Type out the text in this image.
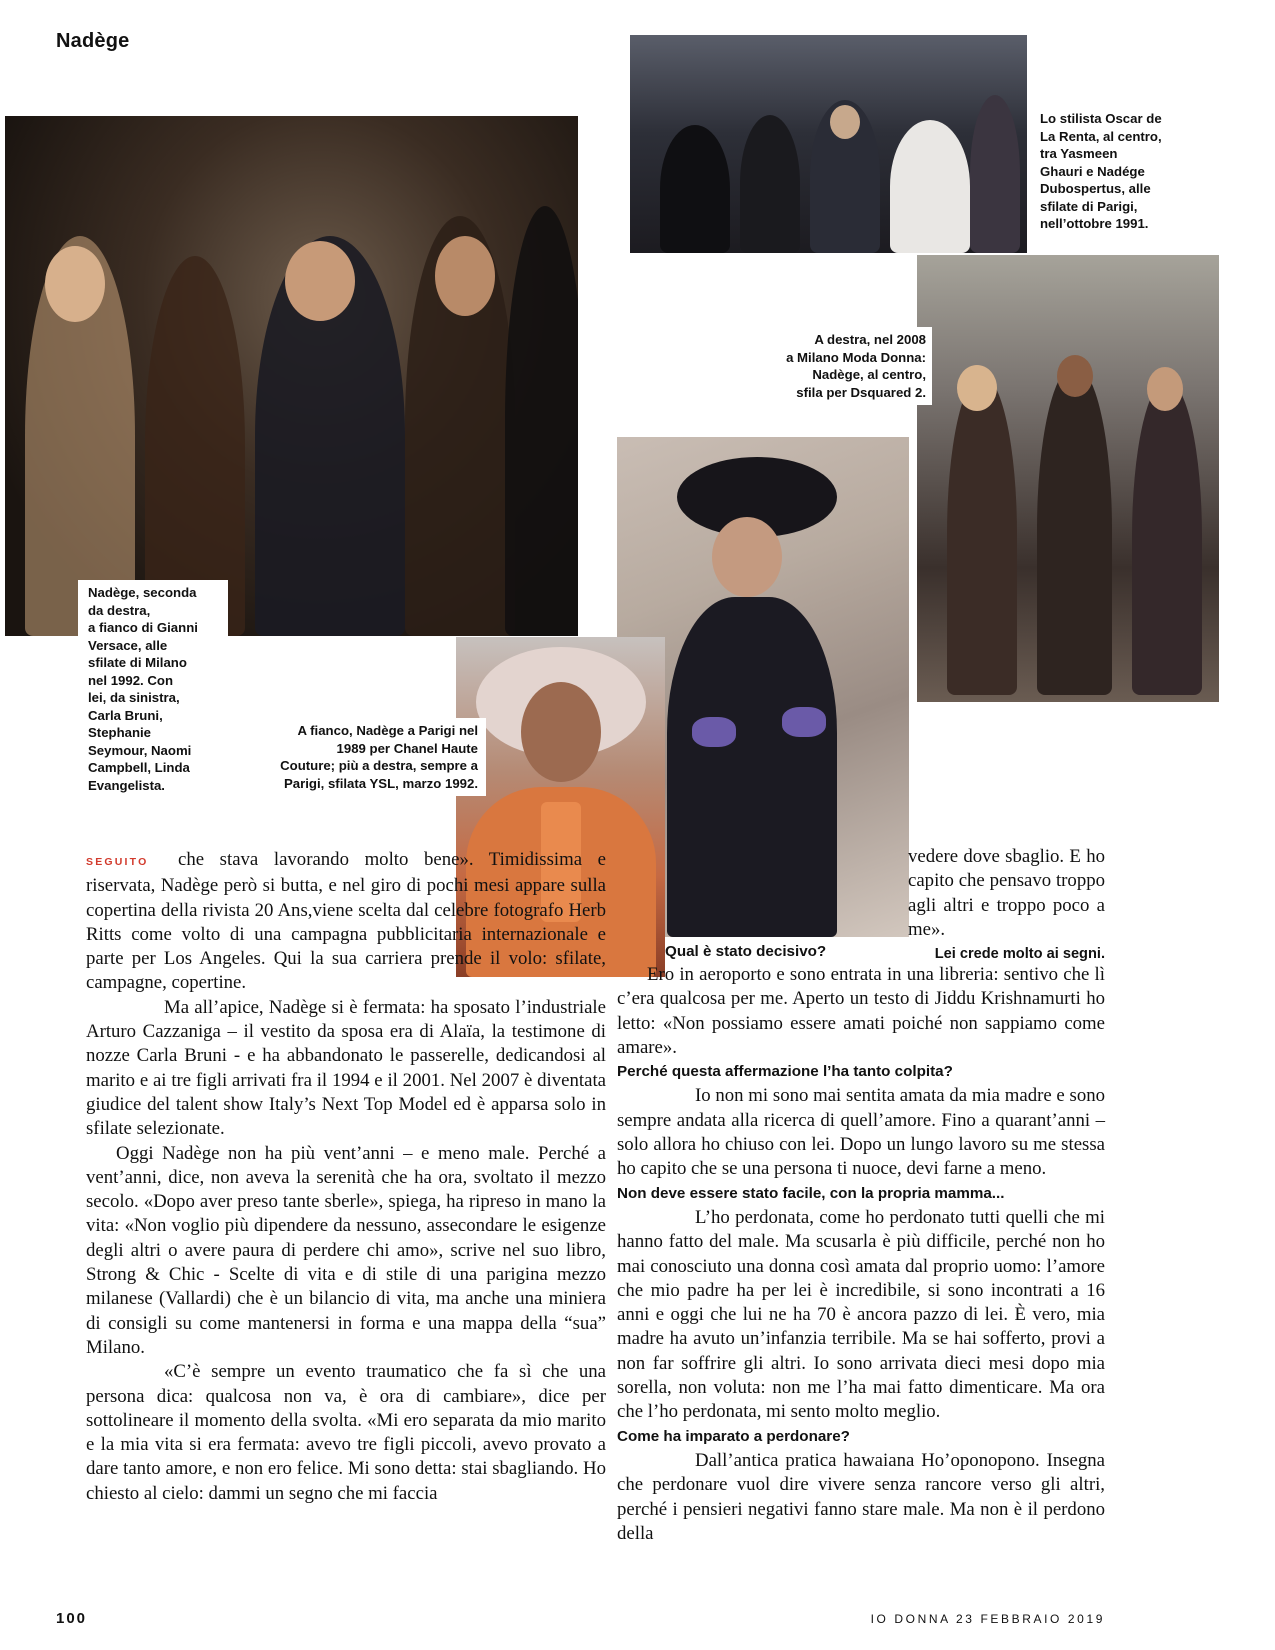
Nadège
Nadège, seconda
da destra,
a fianco di Gianni
Versace, alle
sfilate di Milano
nel 1992. Con
lei, da sinistra,
Carla Bruni,
Stephanie
Seymour, Naomi
Campbell, Linda
Evangelista.
A fianco, Nadège a Parigi nel
1989 per Chanel Haute
Couture; più a destra, sempre a
Parigi, sfilata YSL, marzo 1992.
Lo stilista Oscar de
La Renta, al centro,
tra Yasmeen
Ghauri e Nadége
Dubospertus, alle
sfilate di Parigi,
nell’ottobre 1991.
A destra, nel 2008
a Milano Moda Donna:
Nadège, al centro,
sfila per Dsquared 2.

SEGUITO che stava lavorando molto bene». Timidissima e riservata, Nadège però si butta, e nel giro di pochi mesi appare sulla copertina della rivista 20 Ans,viene scelta dal celebre fotografo Herb Ritts come volto di una campagna pubblicitaria internazionale e parte per Los Angeles. Qui la sua carriera prende il volo: sfilate, campagne, copertine.

Ma all’apice, Nadège si è fermata: ha sposato l’industriale Arturo Cazzaniga – il vestito da sposa era di Alaïa, la testimone di nozze Carla Bruni - e ha abbandonato le passerelle, dedicandosi al marito e ai tre figli arrivati fra il 1994 e il 2001. Nel 2007 è diventata giudice del talent show Italy’s Next Top Model ed è apparsa solo in sfilate selezionate.

Oggi Nadège non ha più vent’anni – e meno male. Perché a vent’anni, dice, non aveva la serenità che ha ora, svoltato il mezzo secolo. «Dopo aver preso tante sberle», spiega, ha ripreso in mano la vita: «Non voglio più dipendere da nessuno, assecondare le esigenze degli altri o avere paura di perdere chi amo», scrive nel suo libro, Strong & Chic - Scelte di vita e di stile di una parigina mezzo milanese (Vallardi) che è un bilancio di vita, ma anche una miniera di consigli su come mantenersi in forma e una mappa della “sua” Milano.

«C’è sempre un evento traumatico che fa sì che una persona dica: qualcosa non va, è ora di cambiare», dice per sottolineare il momento della svolta. «Mi ero separata da mio marito e la mia vita si era fermata: avevo tre figli piccoli, avevo provato a dare tanto amore, e non ero felice. Mi sono detta: stai sbagliando. Ho chiesto al cielo: dammi un segno che mi faccia

vedere dove sbaglio. E ho capito che pensavo troppo agli altri e troppo poco a me».

Lei crede molto ai segni.

Qual è stato decisivo?

Ero in aeroporto e sono entrata in una libreria: sentivo che lì c’era qualcosa per me. Aperto un testo di Jiddu Krishnamurti ho letto: «Non possiamo essere amati poiché non sappiamo come amare».

Perché questa affermazione l’ha tanto colpita?

Io non mi sono mai sentita amata da mia madre e sono sempre andata alla ricerca di quell’amore. Fino a quarant’anni – solo allora ho chiuso con lei. Dopo un lungo lavoro su me stessa ho capito che se una persona ti nuoce, devi farne a meno.

Non deve essere stato facile, con la propria mamma...

L’ho perdonata, come ho perdonato tutti quelli che mi hanno fatto del male. Ma scusarla è più difficile, perché non ho mai conosciuto una donna così amata dal proprio uomo: l’amore che mio padre ha per lei è incredibile, si sono incontrati a 16 anni e oggi che lui ne ha 70 è ancora pazzo di lei. È vero, mia madre ha avuto un’infanzia terribile. Ma se hai sofferto, provi a non far soffrire gli altri. Io sono arrivata dieci mesi dopo mia sorella, non voluta: non me l’ha mai fatto dimenticare. Ma ora che l’ho perdonata, mi sento molto meglio.

Come ha imparato a perdonare?

Dall’antica pratica hawaiana Ho’oponopono. Insegna che perdonare vuol dire vivere senza rancore verso gli altri, perché i pensieri negativi fanno stare male. Ma non è il perdono della

100	IO DONNA 23 FEBBRAIO 2019
